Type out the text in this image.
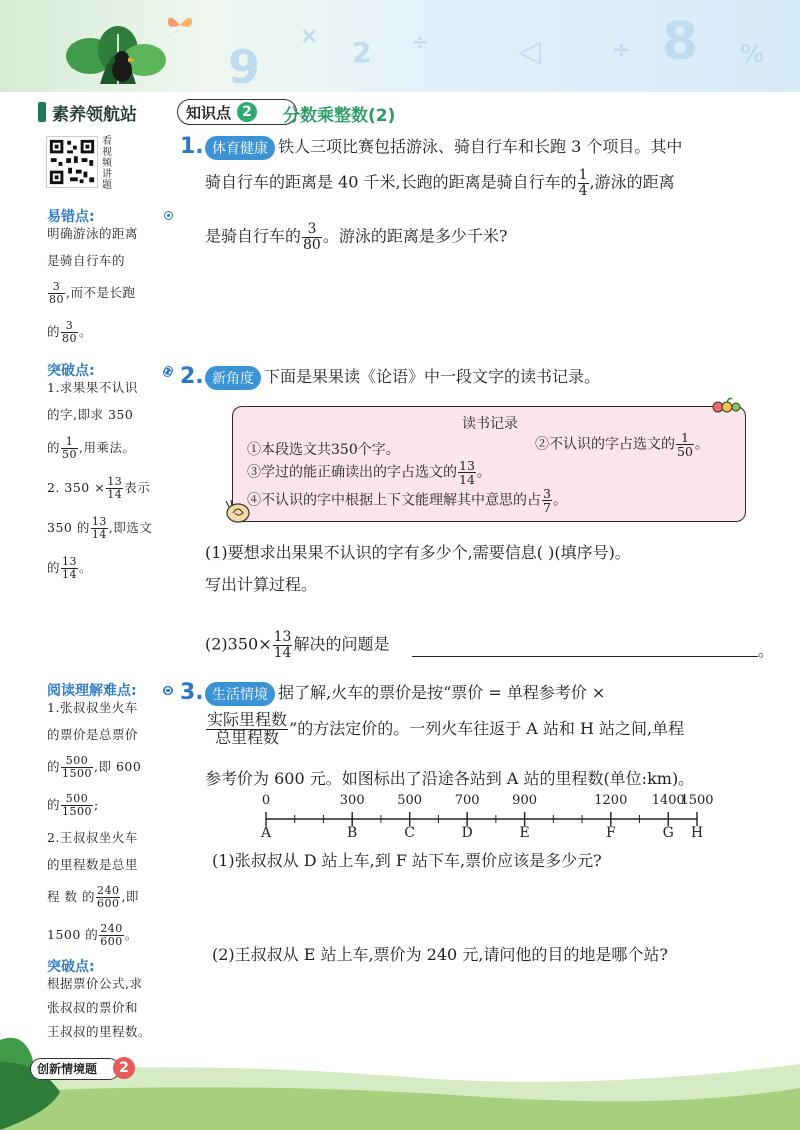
9
× 2 ÷	▷	÷ 8 %
素养领航站	知识点 2	分数乘整数(2)
看视频讲题
易错点:
明确游泳的距离
是骑自行车的
$\frac{3}{80}$ ,而不是长跑
的 $\frac{3}{80}$ 。
突破点:
1.求果果不认识
的字,即求 350
的 $\frac{1}{50}$ ,用乘法。
2. $350 \times \frac{13}{14}$ 表示
350 的 $\frac{13}{14}$ ,即选文
的 $\frac{13}{14}$ 。
阅读理解难点:
1.张叔叔坐火车
的票价是总票价
的 $\frac{500}{1500}$ ,即 600
的 $\frac{500}{1500}$ ;
2.王叔叔坐火车
的里程数是总里
程 数 的 $\frac{240}{600}$ ,即
1500 的 $\frac{240}{600}$ 。
突破点:
根据票价公式,求
张叔叔的票价和
王叔叔的里程数。
1. 体育健康 铁人三项比赛包括游泳、骑自行车和长跑 3 个项目。其中
骑自行车的距离是 40 千米,长跑的距离是骑自行车的 $\frac{1}{4}$ ,游泳的距离
是骑自行车的 $\frac{3}{80}$ 。游泳的距离是多少千米?
2. 新角度 下面是果果读《论语》中一段文字的读书记录。
读书记录
①本段选文共350个字。	②不认识的字占选文的 $\frac{1}{50}$ 。
③学过的能正确读出的字占选文的 $\frac{13}{14}$ 。
④不认识的字中根据上下文能理解其中意思的占 $\frac{3}{7}$ 。
(1)要想求出果果不认识的字有多少个,需要信息( )(填序号)。
写出计算过程。
$(2)350\times \frac{13}{14}$ 解决的问题是	。
3. 生活情境 据了解,火车的票价是按“票价 = 单程参考价 ×
$\frac{\text{实际里程数}}{\text{总里程数}}$ ”的方法定价的。一列火车往返于 A 站和 H 站之间,单程
参考价为 600 元。如图标出了沿途各站到 A 站的里程数(单位:km)。
0
A
300
B
500
C
700
D
900
E
1200
F
1400
G
1500
H
(1)张叔叔从 D 站上车,到 F 站下车,票价应该是多少元?
(2)王叔叔从 E 站上车,票价为 240 元,请问他的目的地是哪个站?
创新情境题	2
